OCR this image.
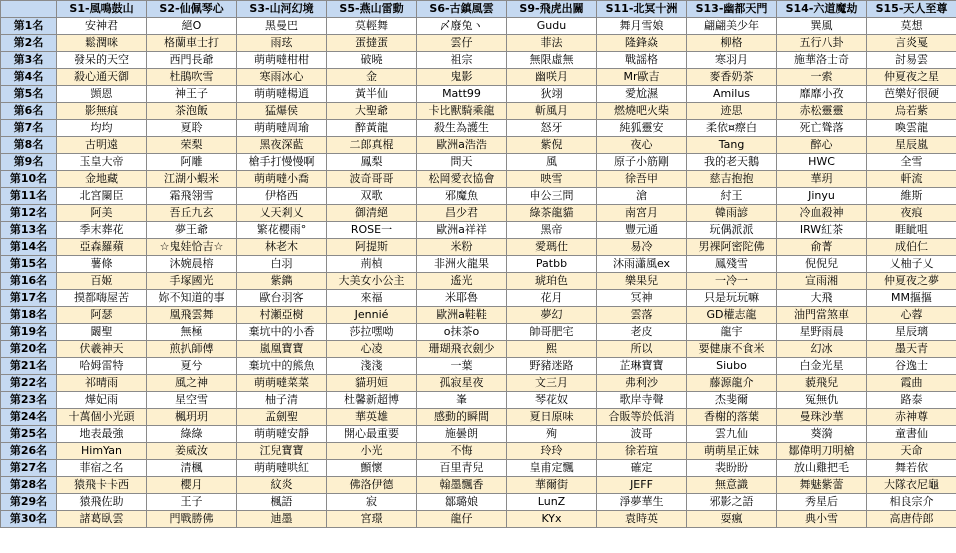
	S1-風鳴鼓山	S2-仙佩琴心	S3-山河幻境	S5-燕山雷動	S6-古鎮風雲	S9-飛虎出關	S11-北冥十洲	S13-幽都天門	S14-六道魔劫	S15-天人至尊
第1名	安神君	絕O	黑曼巴	莫輕舞	〆廢兔ヽ	Gudu	舞月雪娘	翩翩美少年	巽風	莫想
第2名	鬆潤咪	格蘭車士打	雨玹	蛋撻蛋	雲仔	菲法	隆鋒焱	柳格	五行八卦	言炎戛
第3名	發呆的天空	西門長爺	萌萌噠柑柑	破曉	祖宗	無限虛無	戰謡格	寒羽月	施華洛士奇	討易雲
第4名	殺心通天御	杜鵑吹雪	寒雨冰心	金	鬼影	幽咲月	Mr歐吉	麥香奶茶	一索	仲夏夜之星
第5名	顗恩	神王子	萌萌噠楊逍	黃半仙	Matt99	狄翊	愛尬濕	Amilus	靡靡小孜	芭樂好很硬
第6名	影無痕	茶泡飯	猛爆侯	大聖爺	卡比獸騎乘龍	斬風月	燃燒吧火柴	迹思	赤松靈靈	烏若紫
第7名	均均	夏聆	萌萌噠周瑜	醉黃龍	殺生為護生	怒牙	純狐靈安	柔依¤瘵白	死亡聳落	喚雲龍
第8名	古明遠	荣梨	黑夜深藍	二郎真棍	歐洲a浩浩	紫倪	夜心	Tang	醉心	星辰嵐
第9名	玉皇大帝	阿雕	槍手打慢慢啊	鳳梨	問天	風	原子小筋剛	我的老天鵝	HWC	全雪
第10名	金地藏	江湖小蝦米	萌萌噠小喬	波奇哥哥	松岡愛衣協會	映雪	徐吾甲	慈吉抱抱	華玥	軒流
第11名	北宮闌臣	霜飛翎雪	伊格西	双歌	邪魔魚	申公三問	滄	紂王	Jinyu	維斯
第12名	阿美	吾丘九玄	乂天剎乂	御清絕	昌少君	綠茶龍貓	南宮月	韓雨諺	冷血殺神	夜痕
第13名	季末葬花	夢王爺	繁花櫻雨°	ROSE一	歐洲a祥祥	黑帝	豐元通	玩偶派派	IRW紅茶	睚眦咀
第14名	亞森羅蘋	☆鬼娃恰吉☆	林老木	阿提斯	米粉	愛瑪仕	易冷	男裸阿密陀佛	俞菁	成伯仁
第15名	薯條	沐婉晨榕	白羽	荊楨	非洲火龍果	Patbb	沐雨瀟風ex	鳳殘雪	倪倪兒	乂柚子乂
第16名	百姬	手塚國光	紫鐫	大美女小公主	遙光	琥珀色	樂果兒	一冷一	宣雨湘	仲夏夜之夢
第17名	摸都嗨屋苦	妳不知道的事	歐台羽客	來福	米耶魯	花月	冥神	只是玩玩嘛	大飛	MM摳摳
第18名	阿瑟	凰飛雲舞	村瀬亞樹	Jennié	歐洲a鞋鞋	夢幻	雲落	GD權志龍	油門當煞車	心蓉
第19名	闞聖	無極	棄坑中的小香	莎拉嘿呦	o抹茶o	帥哥肥宅	老皮	龍宇	星野雨晨	星辰璃
第20名	伏羲神天	煎扒師傅	嵐凰寶寶	心凌	珊瑚飛衣劍少	熙	所以	要健康不食米	幻冰	墨天青
第21名	哈姆雷特	夏兮	棄坑中的熊魚	淺淺	一葉	野豬迷路	芷琳寶寶	Siubo	白金光星	谷逸士
第22名	祁晴雨	風之神	萌萌噠菜菜	貓玥姮	孤寂星夜	文三月	弗利沙	藤源龍介	藐飛兒	霞曲
第23名	燁妃雨	星空雪	柚子清	杜馨新超博	峯	琴花奴	歌岸寺聲	杰斐爾	冤無仇	路泰
第24名	十萬個小光頭	楓玥玥	孟劍聖	華英雄	感動的瞬間	夏日原味	合販等於低消	香榭的落葉	曼珠沙華	赤神尊
第25名	地表最強	綠綠	萌萌噠安靜	開心最重要	施曇朗	殉	波哥	雲九仙	葵漪	童書仙
第26名	HimYan	姜威汝	江兒寶寶	小光	不悔	玲玲	徐若瑄	萌萌星正妹	鄒偉明刀明槍	天命
第27名	菲宿之名	清楓	萌萌噠哄紅	顫懷	百里青兒	皇甫定飄	確定	裴盼盼	放山雞把毛	舞若依
第28名	猿飛卡卡西	櫻月	紋炎	佛洛伊德	翰墨飄香	華爾街	JEFF	無意識	舞魅紫蕾	大隊衣尼龜
第29名	猿飛佐助	王子	楓語	寂	鄒璐娘	LunZ	淨夢華生	邪影之語	秀星后	相良宗介
第30名	諸葛臥雲	門戰勝佛	迪墨	宮璟	龍仔	KYx	袁時英	耍瘋	典小雪	高唐侍郎
